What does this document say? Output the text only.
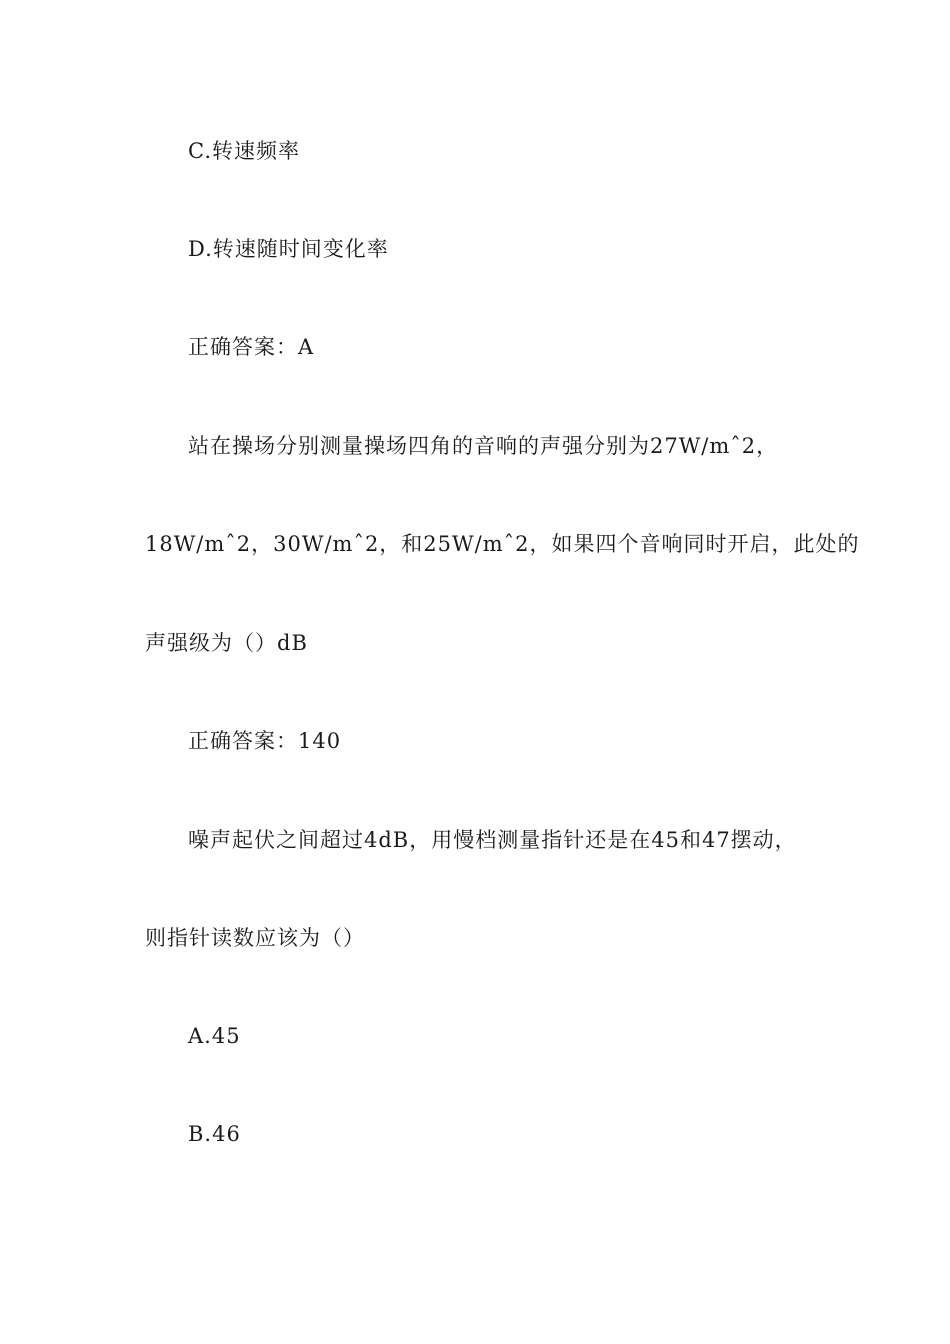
C.转速频率
D.转速随时间变化率
正确答案：A
站在操场分别测量操场四角的音响的声强分别为27W/mˆ2，
18W/mˆ2，30W/mˆ2，和25W/mˆ2，如果四个音响同时开启，此处的
声强级为（）dB
正确答案：140
噪声起伏之间超过4dB，用慢档测量指针还是在45和47摆动，
则指针读数应该为（）
A.45
B.46
